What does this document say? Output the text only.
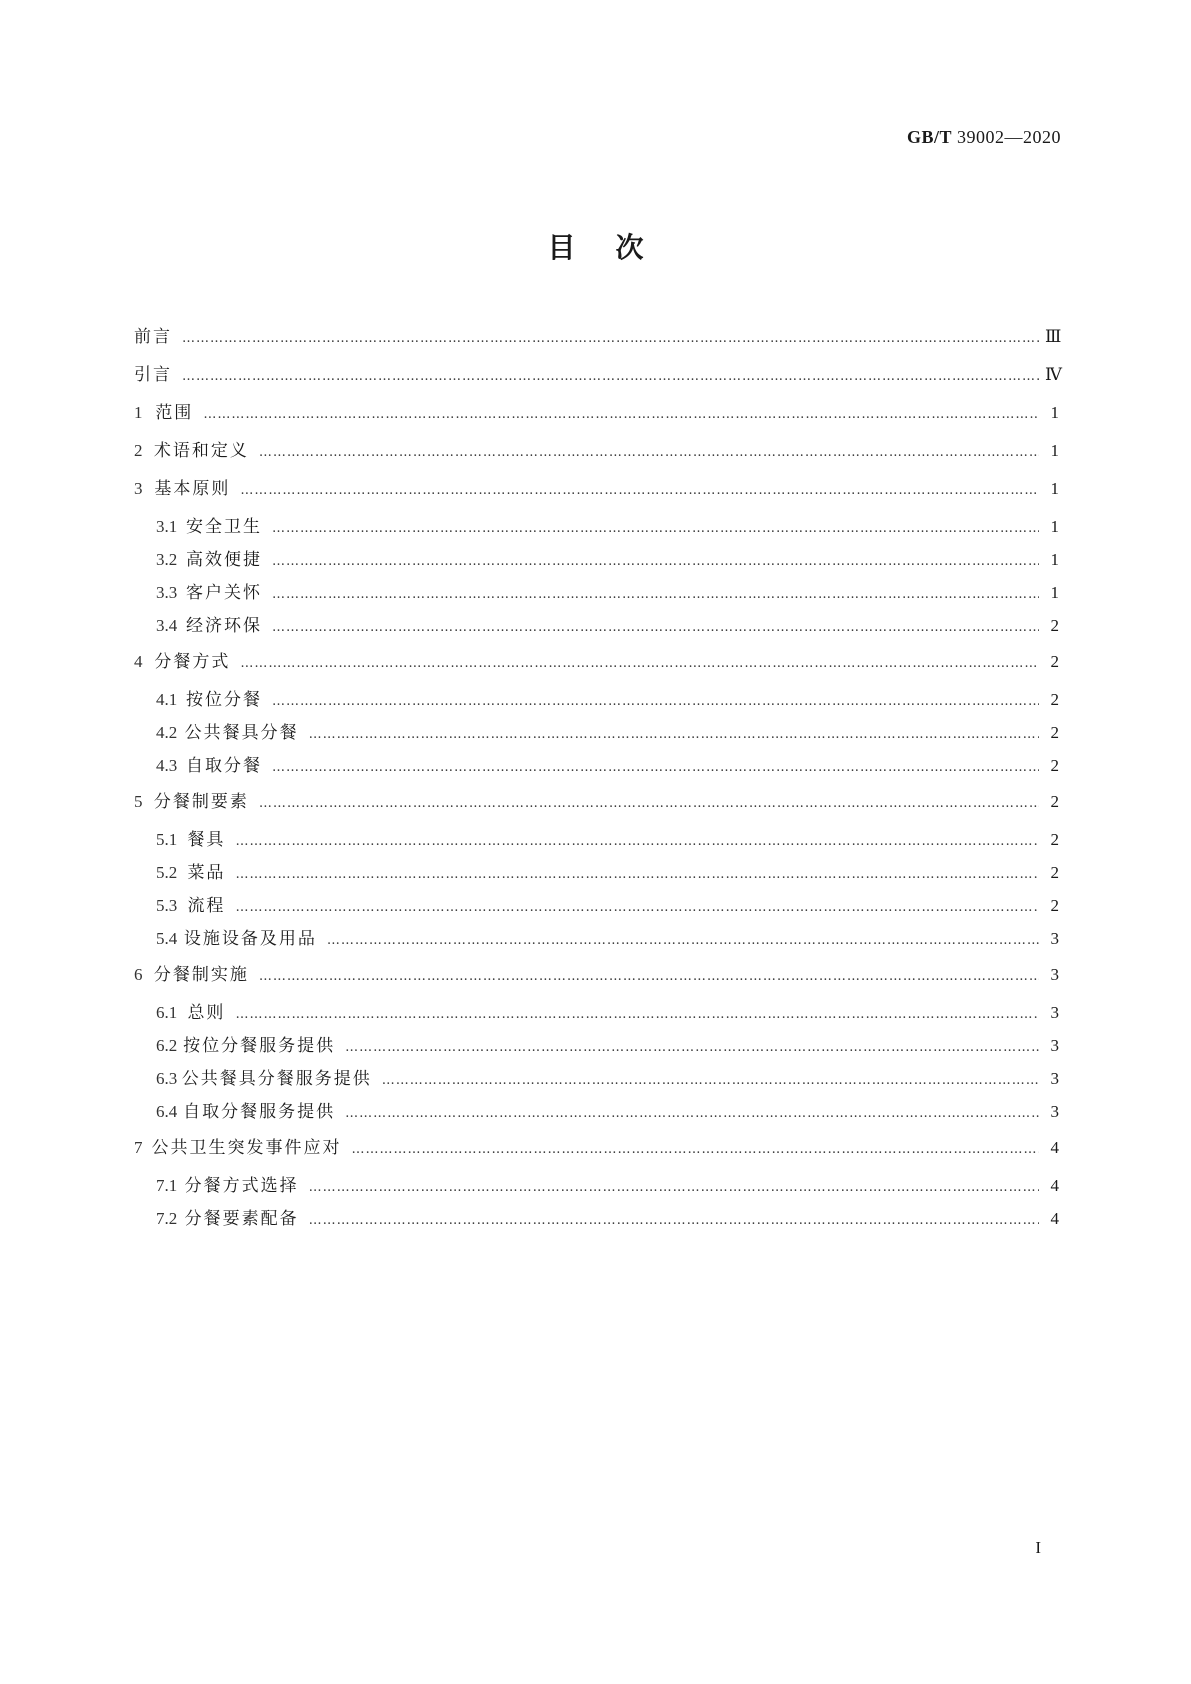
GB/T 39002—2020
目次
前言 ………………………………………………………………………………………………………………………………………………………………………………………………………………………………	Ⅲ
引言 ………………………………………………………………………………………………………………………………………………………………………………………………………………………………	Ⅳ
1 范围 ………………………………………………………………………………………………………………………………………………………………………………………………………………………………	1
2 术语和定义 ………………………………………………………………………………………………………………………………………………………………………………………………………………………………	1
3 基本原则 ………………………………………………………………………………………………………………………………………………………………………………………………………………………………	1
3.1 安全卫生 ………………………………………………………………………………………………………………………………………………………………………………………………………………………………	1
3.2 高效便捷 ………………………………………………………………………………………………………………………………………………………………………………………………………………………………	1
3.3 客户关怀 ………………………………………………………………………………………………………………………………………………………………………………………………………………………………	1
3.4 经济环保 ………………………………………………………………………………………………………………………………………………………………………………………………………………………………	2
4 分餐方式 ………………………………………………………………………………………………………………………………………………………………………………………………………………………………	2
4.1 按位分餐 ………………………………………………………………………………………………………………………………………………………………………………………………………………………………	2
4.2 公共餐具分餐 ………………………………………………………………………………………………………………………………………………………………………………………………………………………………	2
4.3 自取分餐 ………………………………………………………………………………………………………………………………………………………………………………………………………………………………	2
5 分餐制要素 ………………………………………………………………………………………………………………………………………………………………………………………………………………………………	2
5.1 餐具 ………………………………………………………………………………………………………………………………………………………………………………………………………………………………	2
5.2 菜品 ………………………………………………………………………………………………………………………………………………………………………………………………………………………………	2
5.3 流程 ………………………………………………………………………………………………………………………………………………………………………………………………………………………………	2
5.4 设施设备及用品 ………………………………………………………………………………………………………………………………………………………………………………………………………………………………	3
6 分餐制实施 ………………………………………………………………………………………………………………………………………………………………………………………………………………………………	3
6.1 总则 ………………………………………………………………………………………………………………………………………………………………………………………………………………………………	3
6.2 按位分餐服务提供 ………………………………………………………………………………………………………………………………………………………………………………………………………………………………	3
6.3 公共餐具分餐服务提供 ………………………………………………………………………………………………………………………………………………………………………………………………………………………………	3
6.4 自取分餐服务提供 ………………………………………………………………………………………………………………………………………………………………………………………………………………………………	3
7 公共卫生突发事件应对 ………………………………………………………………………………………………………………………………………………………………………………………………………………………………	4
7.1 分餐方式选择 ………………………………………………………………………………………………………………………………………………………………………………………………………………………………	4
7.2 分餐要素配备 ………………………………………………………………………………………………………………………………………………………………………………………………………………………………	4
I
